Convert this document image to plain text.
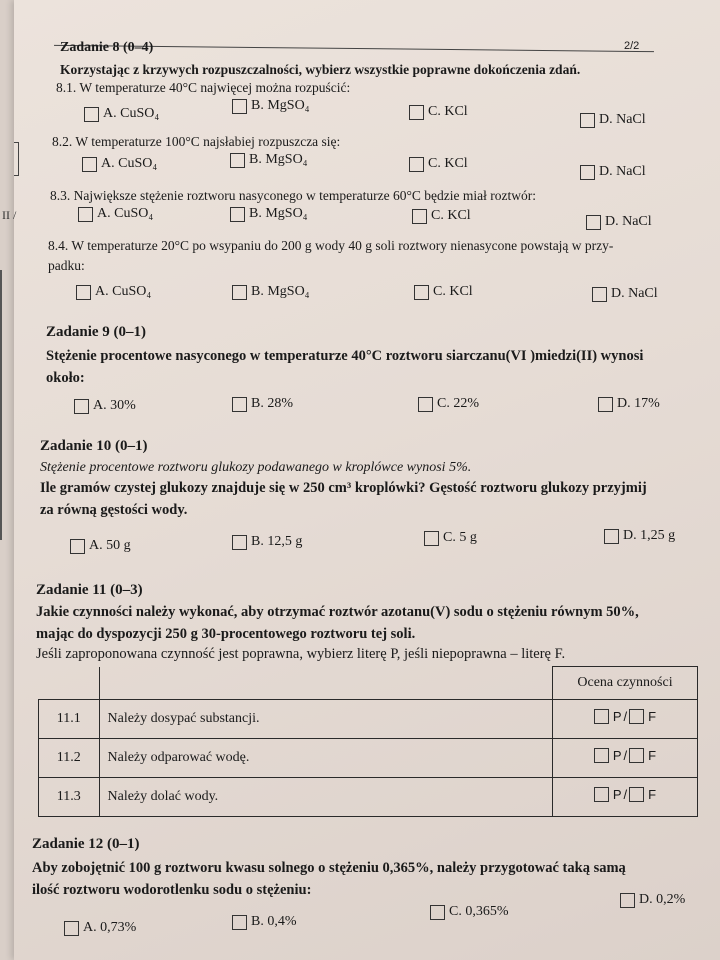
II /
2/2
Zadanie 8 (0–4)
Korzystając z krzywych rozpuszczalności, wybierz wszystkie poprawne dokończenia zdań.
8.1. W temperaturze 40°C najwięcej można rozpuścić:
A. CuSO₄
B. MgSO₄	C. KCl
D. NaCl
8.2. W temperaturze 100°C najsłabiej rozpuszcza się:
A. CuSO₄	B. MgSO₄	C. KCl
D. NaCl
8.3. Największe stężenie roztworu nasyconego w temperaturze 60°C będzie miał roztwór:
A. CuSO₄	B. MgSO₄	C. KCl	D. NaCl
8.4. W temperaturze 20°C po wsypaniu do 200 g wody 40 g soli roztwory nienasycone powstają w przy-
padku:
A. CuSO₄	B. MgSO₄	C. KCl	D. NaCl
Zadanie 9 (0–1)
Stężenie procentowe nasyconego w temperaturze 40°C roztworu siarczanu(VI )miedzi(II) wynosi
około:
A. 30%	B. 28%	C. 22%	D. 17%
Zadanie 10 (0–1)
Stężenie procentowe roztworu glukozy podawanego w kroplówce wynosi 5%.
Ile gramów czystej glukozy znajduje się w 250 cm³ kroplówki? Gęstość roztworu glukozy przyjmij
za równą gęstości wody.
A. 50 g	B. 12,5 g	C. 5 g	D. 1,25 g
Zadanie 11 (0–3)
Jakie czynności należy wykonać, aby otrzymać roztwór azotanu(V) sodu o stężeniu równym 50%,
mając do dyspozycji 250 g 30-procentowego roztworu tej soli.
Jeśli zaproponowana czynność jest poprawna, wybierz literę P, jeśli niepoprawna – literę F.
		Ocena czynności
11.1	Należy dosypać substancji.	P / F

11.2	Należy odparować wodę.	P / F

11.3	Należy dolać wody.	P / F
Zadanie 12 (0–1)
Aby zobojętnić 100 g roztworu kwasu solnego o stężeniu 0,365%, należy przygotować taką samą
ilość roztworu wodorotlenku sodu o stężeniu:
A. 0,73%	B. 0,4%
C. 0,365%
D. 0,2%
